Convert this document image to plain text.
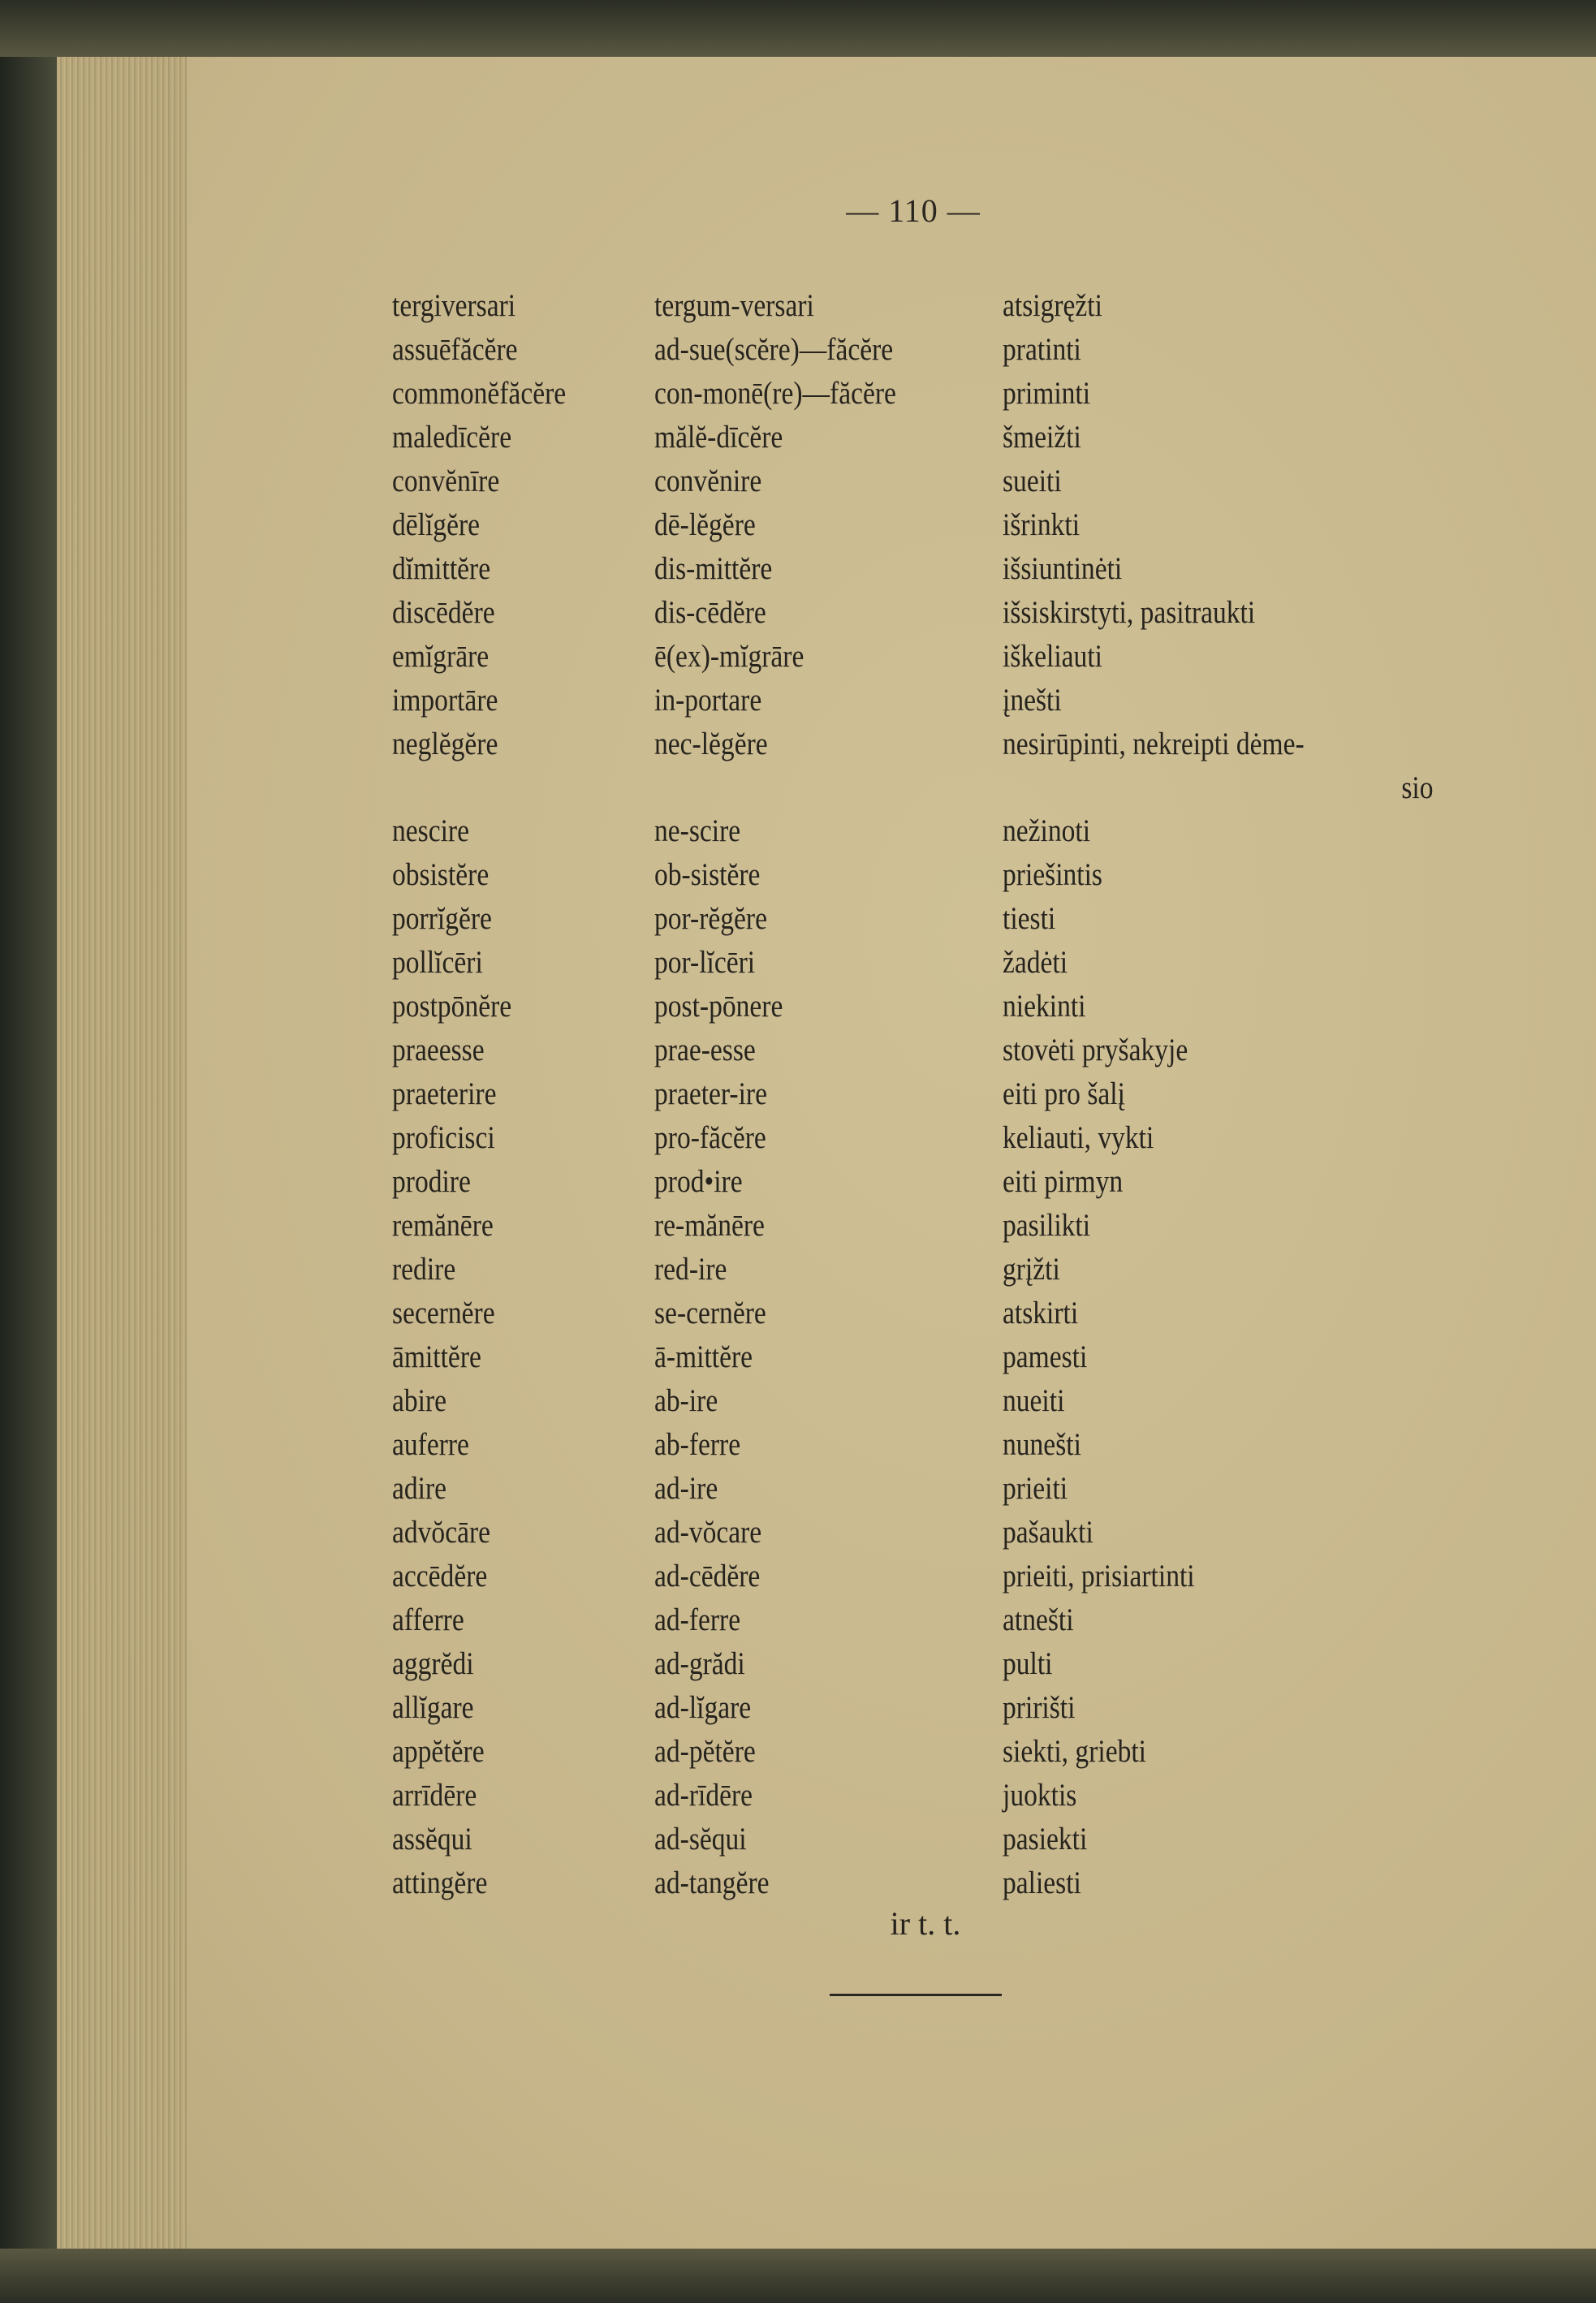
— 110 —
tergiversari	tergum-versari	atsigręžti
assuēfăcĕre	ad-sue(scĕre)—făcĕre	pratinti
commonĕfăcĕre	con-monē(re)—făcĕre	priminti
maledīcĕre	mălĕ-dīcĕre	šmeižti
convĕnīre	convĕnire	sueiti
dēlĭgĕre	dē-lĕgĕre	išrinkti
dĭmittĕre	dis-mittĕre	išsiuntinėti
discēdĕre	dis-cēdĕre	išsiskirstyti, pasitraukti
emĭgrāre	ē(ex)-mĭgrāre	iškeliauti
importāre	in-portare	įnešti
neglĕgĕre	nec-lĕgĕre	nesirūpinti, nekreipti dėme-
sio
nescire	ne-scire	nežinoti
obsistĕre	ob-sistĕre	priešintis
porrĭgĕre	por-rĕgĕre	tiesti
pollĭcēri	por-lĭcēri	žadėti
postpōnĕre	post-pōnere	niekinti
praeesse	prae-esse	stovėti pryšakyje
praeterire	praeter-ire	eiti pro šalį
proficisci	pro-făcĕre	keliauti, vykti
prodire	prod•ire	eiti pirmyn
remănēre	re-mănēre	pasilikti
redire	red-ire	grįžti
secernĕre	se-cernĕre	atskirti
āmittĕre	ā-mittĕre	pamesti
abire	ab-ire	nueiti
auferre	ab-ferre	nunešti
adire	ad-ire	prieiti
advŏcāre	ad-vŏcare	pašaukti
accēdĕre	ad-cēdĕre	prieiti, prisiartinti
afferre	ad-ferre	atnešti
aggrĕdi	ad-grădi	pulti
allĭgare	ad-lĭgare	pririšti
appĕtĕre	ad-pĕtĕre	siekti, griebti
arrīdēre	ad-rīdēre	juoktis
assĕqui	ad-sĕqui	pasiekti
attingĕre	ad-tangĕre	paliesti
ir t. t.
